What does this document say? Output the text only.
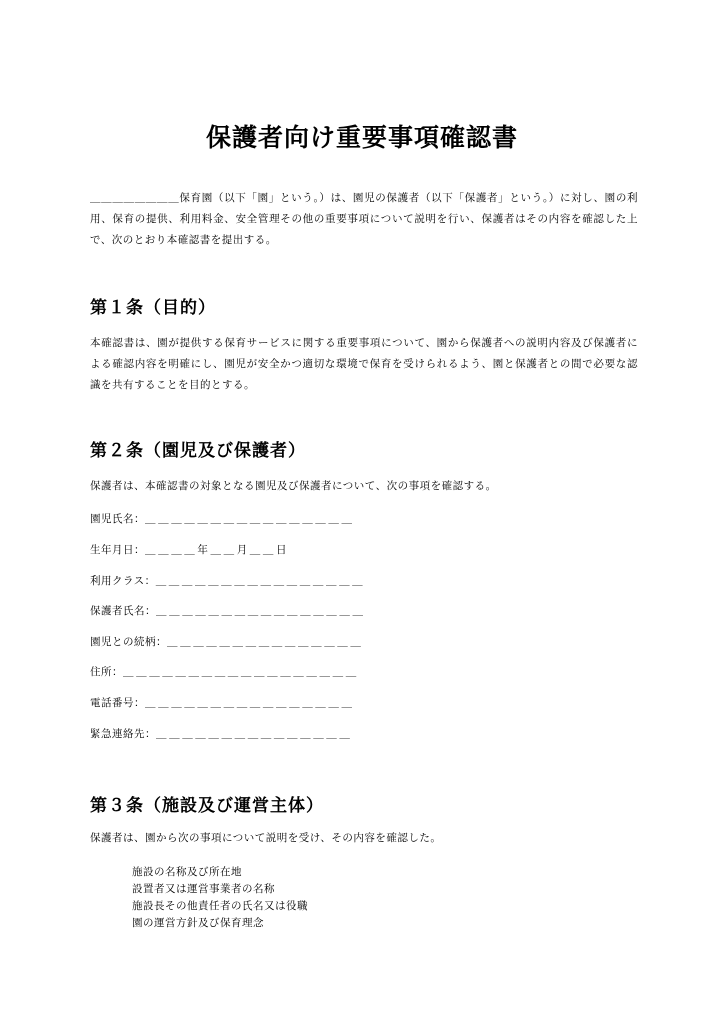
保護者向け重要事項確認書

＿＿＿＿＿＿＿＿保育園（以下「園」という。）は、園児の保護者（以下「保護者」という。）に対し、園の利用、保育の提供、利用料金、安全管理その他の重要事項について説明を行い、保護者はその内容を確認した上で、次のとおり本確認書を提出する。

第１条（目的）

本確認書は、園が提供する保育サービスに関する重要事項について、園から保護者への説明内容及び保護者による確認内容を明確にし、園児が安全かつ適切な環境で保育を受けられるよう、園と保護者との間で必要な認識を共有することを目的とする。

第２条（園児及び保護者）

保護者は、本確認書の対象となる園児及び保護者について、次の事項を確認する。

園児氏名：＿＿＿＿＿＿＿＿＿＿＿＿＿＿＿＿
生年月日：＿＿＿＿年＿＿月＿＿日
利用クラス：＿＿＿＿＿＿＿＿＿＿＿＿＿＿＿＿
保護者氏名：＿＿＿＿＿＿＿＿＿＿＿＿＿＿＿＿
園児との続柄：＿＿＿＿＿＿＿＿＿＿＿＿＿＿＿
住所：＿＿＿＿＿＿＿＿＿＿＿＿＿＿＿＿＿＿
電話番号：＿＿＿＿＿＿＿＿＿＿＿＿＿＿＿＿
緊急連絡先：＿＿＿＿＿＿＿＿＿＿＿＿＿＿＿
第３条（施設及び運営主体）

保護者は、園から次の事項について説明を受け、その内容を確認した。

施設の名称及び所在地
設置者又は運営事業者の名称
施設長その他責任者の氏名又は役職
園の運営方針及び保育理念
